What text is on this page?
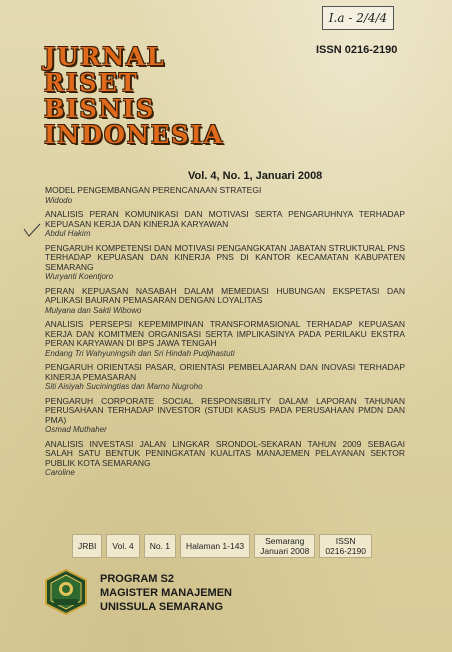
I.a - 2/4/4
ISSN 0216-2190
JURNAL
RISET
BISNIS
INDONESIA
Vol. 4, No. 1, Januari 2008
MODEL PENGEMBANGAN PERENCANAAN STRATEGI
Widodo
ANALISIS PERAN KOMUNIKASI DAN MOTIVASI SERTA PENGARUHNYA TERHADAP KEPUASAN KERJA DAN KINERJA KARYAWAN
Abdul Hakim
PENGARUH KOMPETENSI DAN MOTIVASI PENGANGKATAN JABATAN STRUKTURAL PNS TERHADAP KEPUASAN DAN KINERJA PNS DI KANTOR KECAMATAN KABUPATEN SEMARANG
Wuryanti Koentjoro
PERAN KEPUASAN NASABAH DALAM MEMEDIASI HUBUNGAN EKSPETASI DAN APLIKASI BAURAN PEMASARAN DENGAN LOYALITAS
Mulyana dan Sakti Wibowo
ANALISIS PERSEPSI KEPEMIMPINAN TRANSFORMASIONAL TERHADAP KEPUASAN KERJA DAN KOMITMEN ORGANISASI SERTA IMPLIKASINYA PADA PERILAKU EKSTRA PERAN KARYAWAN DI BPS JAWA TENGAH
Endang Tri Wahyuningsih dan Sri Hindah Pudjihastuti
PENGARUH ORIENTASI PASAR, ORIENTASI PEMBELAJARAN DAN INOVASI TERHADAP KINERJA PEMASARAN
Siti Aisiyah Suciningtias dan Marno Nugroho
PENGARUH CORPORATE SOCIAL RESPONSIBILITY DALAM LAPORAN TAHUNAN PERUSAHAAN TERHADAP INVESTOR (STUDI KASUS PADA PERUSAHAAN PMDN DAN PMA)
Osmad Muthaher
ANALISIS INVESTASI JALAN LINGKAR SRONDOL-SEKARAN TAHUN 2009 SEBAGAI SALAH SATU BENTUK PENINGKATAN KUALITAS MANAJEMEN PELAYANAN SEKTOR PUBLIK KOTA SEMARANG
Caroline
JRBI Vol. 4 No. 1 Halaman 1-143 Semarang
Januari 2008
ISSN
0216-2190
PROGRAM S2
MAGISTER MANAJEMEN
UNISSULA SEMARANG
